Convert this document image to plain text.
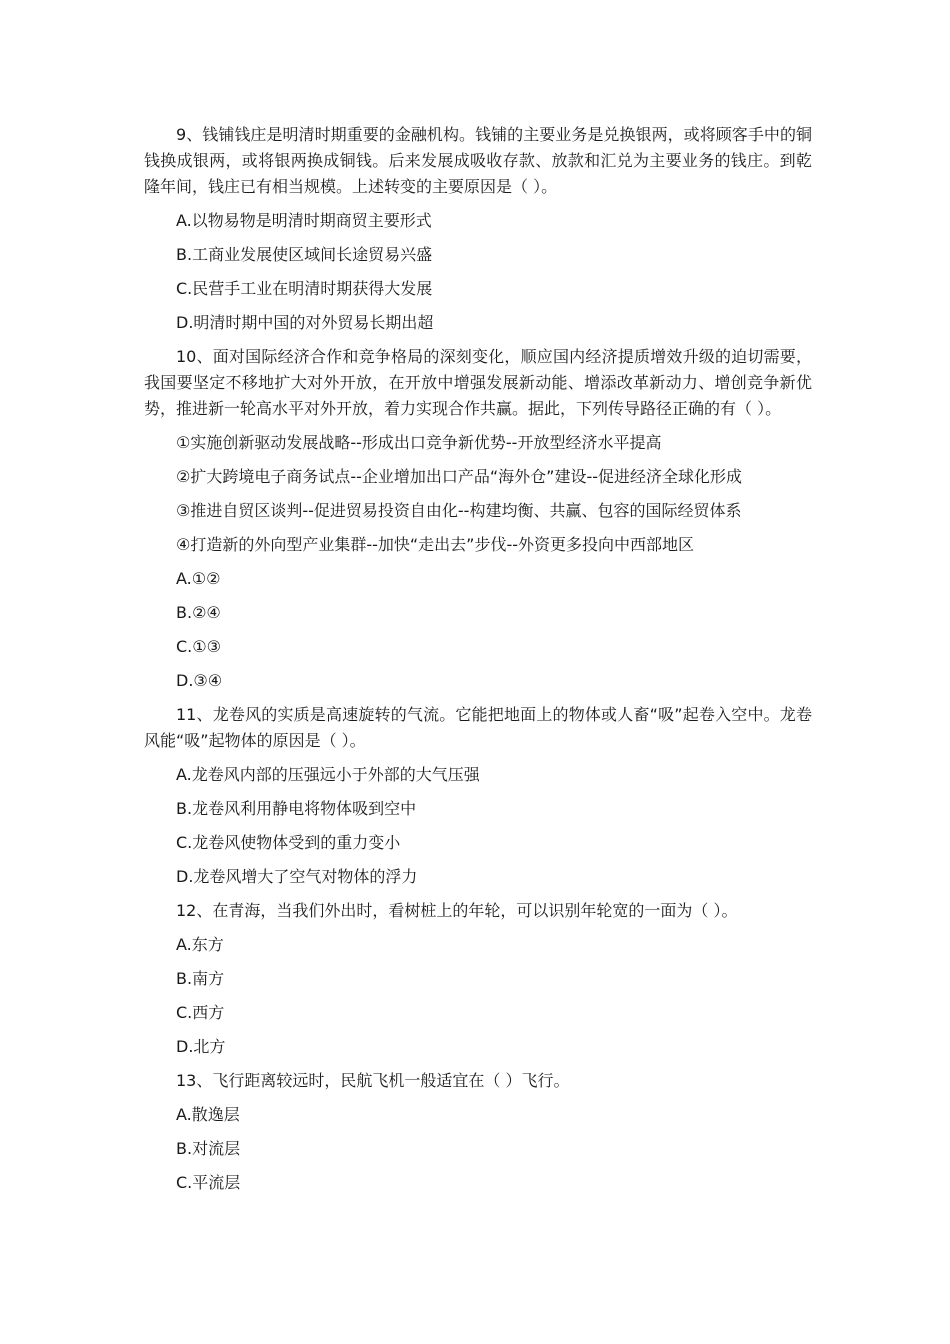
9、钱铺钱庄是明清时期重要的金融机构。钱铺的主要业务是兑换银两，或将顾客手中的铜钱换成银两，或将银两换成铜钱。后来发展成吸收存款、放款和汇兑为主要业务的钱庄。到乾隆年间，钱庄已有相当规模。上述转变的主要原因是（ ）。

A.以物易物是明清时期商贸主要形式
B.工商业发展使区域间长途贸易兴盛
C.民营手工业在明清时期获得大发展
D.明清时期中国的对外贸易长期出超

10、面对国际经济合作和竞争格局的深刻变化，顺应国内经济提质增效升级的迫切需要，我国要坚定不移地扩大对外开放，在开放中增强发展新动能、增添改革新动力、增创竞争新优势，推进新一轮高水平对外开放，着力实现合作共赢。据此，下列传导路径正确的有（ ）。

①实施创新驱动发展战略--形成出口竞争新优势--开放型经济水平提高
②扩大跨境电子商务试点--企业增加出口产品“海外仓”建设--促进经济全球化形成
③推进自贸区谈判--促进贸易投资自由化--构建均衡、共赢、包容的国际经贸体系
④打造新的外向型产业集群--加快“走出去”步伐--外资更多投向中西部地区
A.①②
B.②④
C.①③
D.③④

11、龙卷风的实质是高速旋转的气流。它能把地面上的物体或人畜“吸”起卷入空中。龙卷风能“吸”起物体的原因是（ ）。

A.龙卷风内部的压强远小于外部的大气压强
B.龙卷风利用静电将物体吸到空中
C.龙卷风使物体受到的重力变小
D.龙卷风增大了空气对物体的浮力

12、在青海，当我们外出时，看树桩上的年轮，可以识别年轮宽的一面为（ ）。

A.东方
B.南方
C.西方
D.北方

13、飞行距离较远时，民航飞机一般适宜在（ ）飞行。

A.散逸层
B.对流层
C.平流层
